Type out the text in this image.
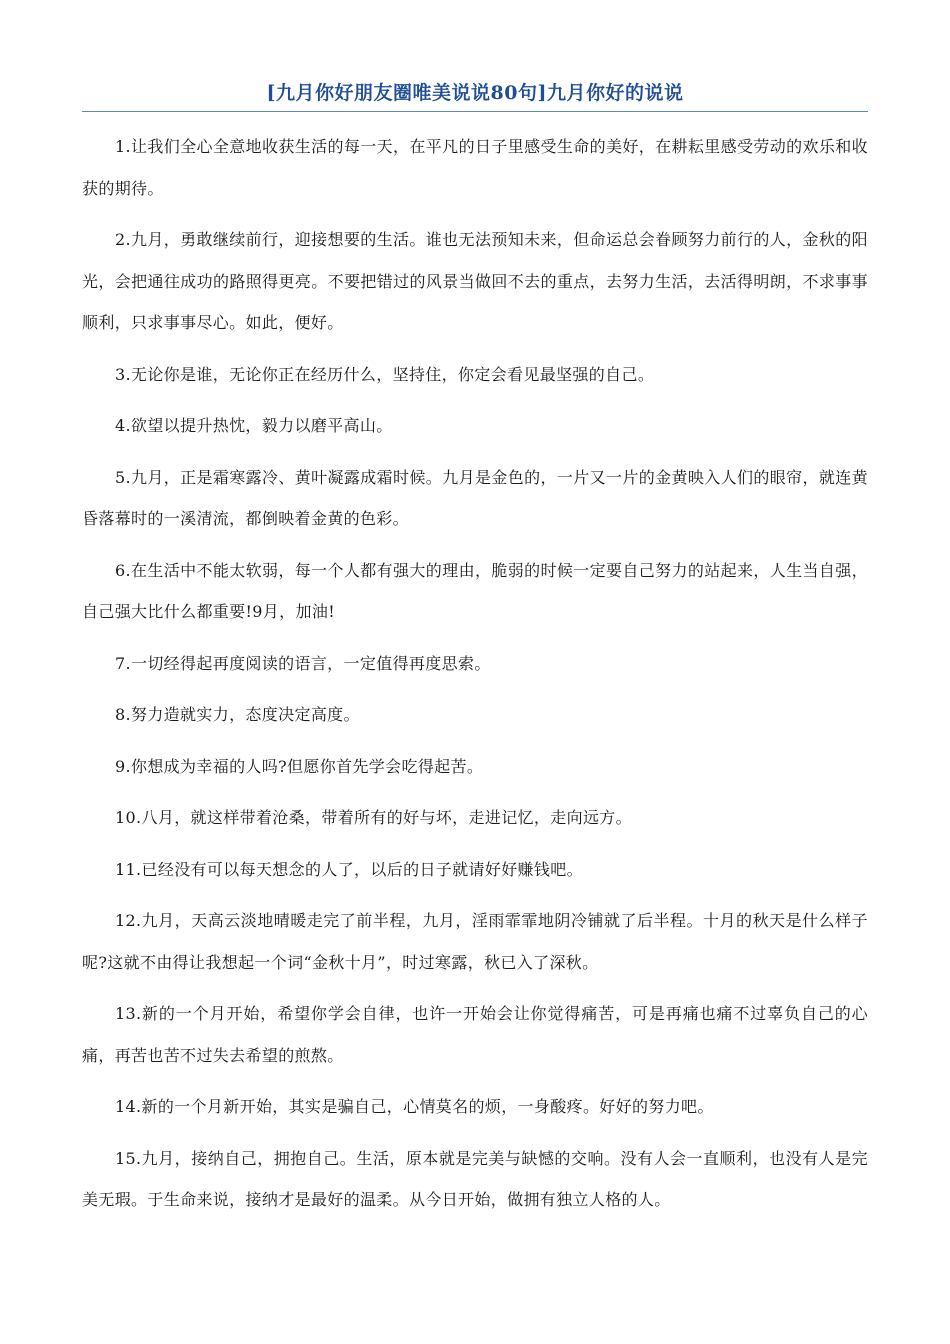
[九月你好朋友圈唯美说说80句]九月你好的说说

1.让我们全心全意地收获生活的每一天，在平凡的日子里感受生命的美好，在耕耘里感受劳动的欢乐和收获的期待。

2.九月，勇敢继续前行，迎接想要的生活。谁也无法预知未来，但命运总会眷顾努力前行的人，金秋的阳光，会把通往成功的路照得更亮。不要把错过的风景当做回不去的重点，去努力生活，去活得明朗，不求事事顺利，只求事事尽心。如此，便好。

3.无论你是谁，无论你正在经历什么，坚持住，你定会看见最坚强的自己。

4.欲望以提升热忱，毅力以磨平高山。

5.九月，正是霜寒露冷、黄叶凝露成霜时候。九月是金色的，一片又一片的金黄映入人们的眼帘，就连黄昏落幕时的一溪清流，都倒映着金黄的色彩。

6.在生活中不能太软弱，每一个人都有强大的理由，脆弱的时候一定要自己努力的站起来，人生当自强，自己强大比什么都重要!9月，加油!

7.一切经得起再度阅读的语言，一定值得再度思索。

8.努力造就实力，态度决定高度。

9.你想成为幸福的人吗?但愿你首先学会吃得起苦。

10.八月，就这样带着沧桑，带着所有的好与坏，走进记忆，走向远方。

11.已经没有可以每天想念的人了，以后的日子就请好好赚钱吧。

12.九月，天高云淡地晴暖走完了前半程，九月，淫雨霏霏地阴冷铺就了后半程。十月的秋天是什么样子呢?这就不由得让我想起一个词“金秋十月”，时过寒露，秋已入了深秋。

13.新的一个月开始，希望你学会自律，也许一开始会让你觉得痛苦，可是再痛也痛不过辜负自己的心痛，再苦也苦不过失去希望的煎熬。

14.新的一个月新开始，其实是骗自己，心情莫名的烦，一身酸疼。好好的努力吧。

15.九月，接纳自己，拥抱自己。生活，原本就是完美与缺憾的交响。没有人会一直顺利，也没有人是完美无瑕。于生命来说，接纳才是最好的温柔。从今日开始，做拥有独立人格的人。
